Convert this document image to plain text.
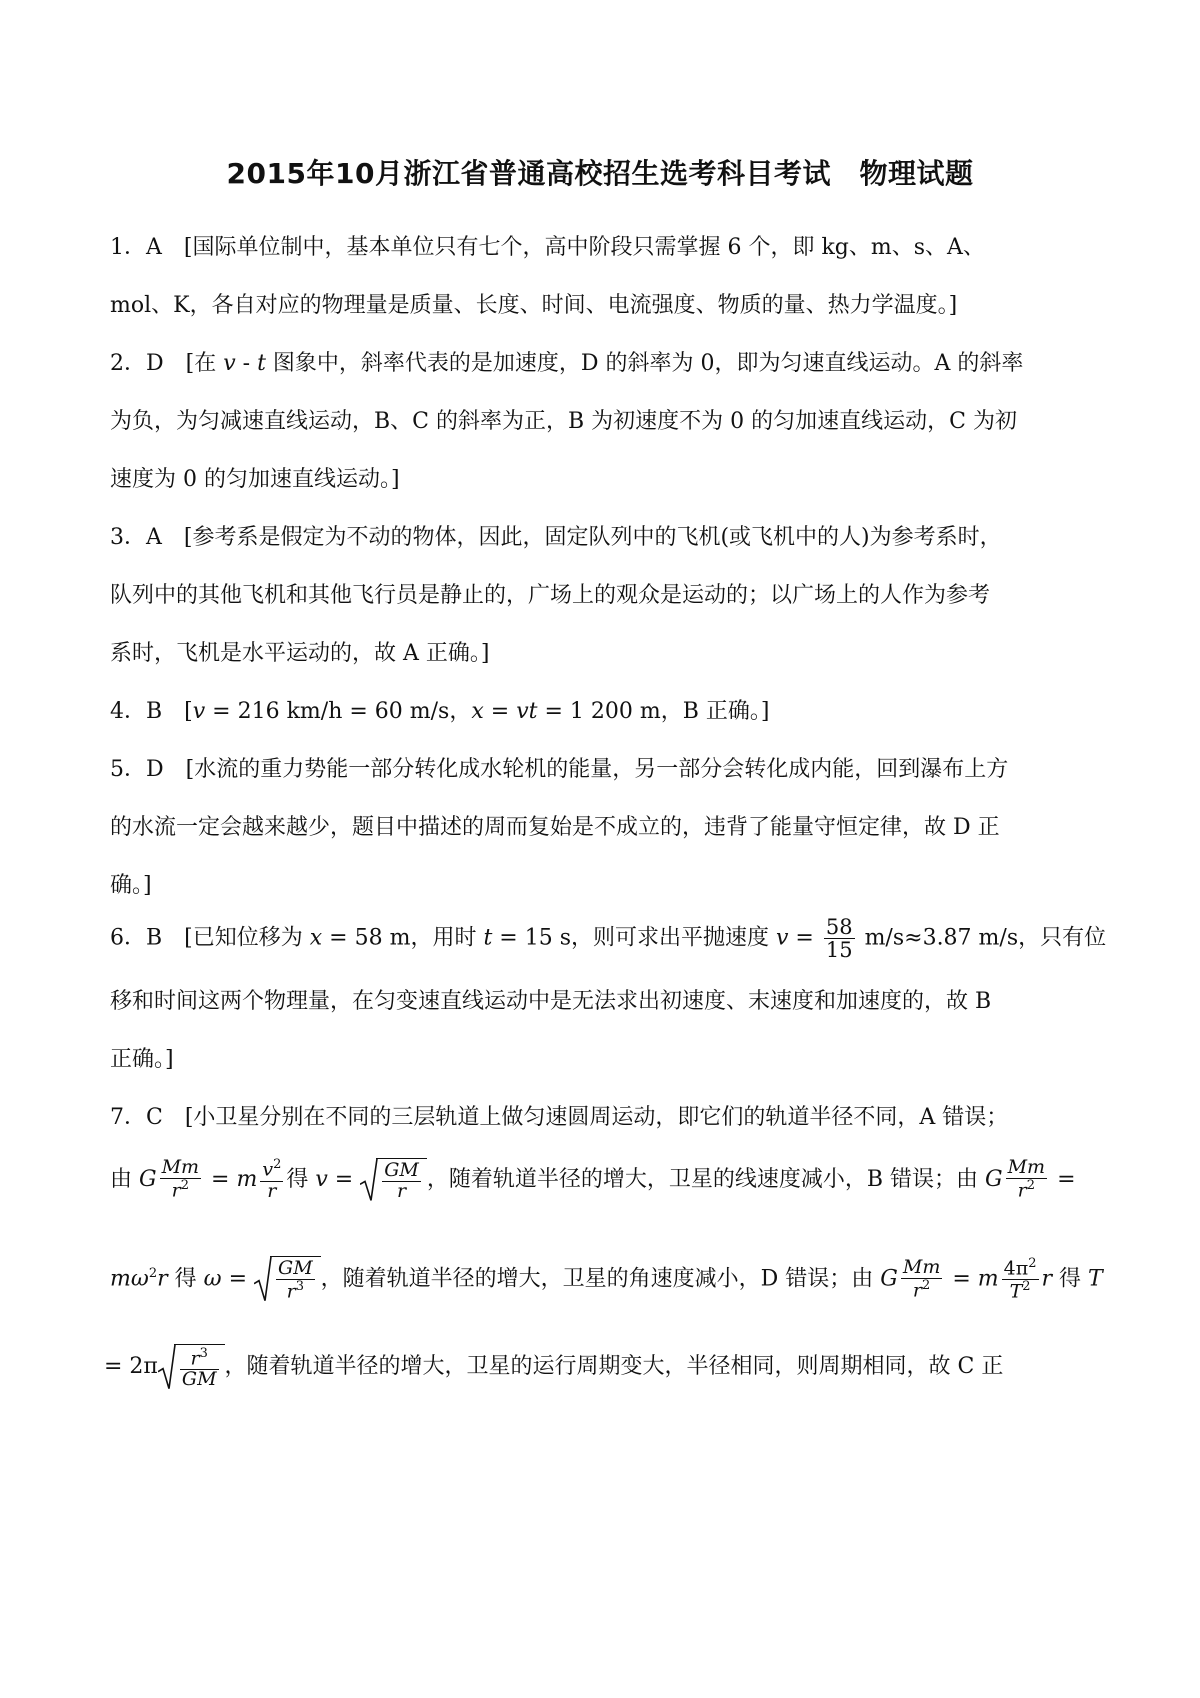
2015年10月浙江省普通高校招生选考科目考试　物理试题
1．A　[国际单位制中，基本单位只有七个，高中阶段只需掌握 6 个，即 kg、m、s、A、
mol、K，各自对应的物理量是质量、长度、时间、电流强度、物质的量、热力学温度。]
2．D　[在 v - t 图象中，斜率代表的是加速度，D 的斜率为 0，即为匀速直线运动。A 的斜率
为负，为匀减速直线运动，B、C 的斜率为正，B 为初速度不为 0 的匀加速直线运动，C 为初
速度为 0 的匀加速直线运动。]
3．A　[参考系是假定为不动的物体，因此，固定队列中的飞机(或飞机中的人)为参考系时，
队列中的其他飞机和其他飞行员是静止的，广场上的观众是运动的；以广场上的人作为参考
系时，飞机是水平运动的，故 A 正确。]
4．B　[v = 216 km/h = 60 m/s，x = vt = 1 200 m，B 正确。]
5．D　[水流的重力势能一部分转化成水轮机的能量，另一部分会转化成内能，回到瀑布上方
的水流一定会越来越少，题目中描述的周而复始是不成立的，违背了能量守恒定律，故 D 正
确。]
6．B　[已知位移为 x = 58 m，用时 t = 15 s，则可求出平抛速度 $v = \frac{58}{15} m/s\approx 3.87$ m/s，只有位
移和时间这两个物理量，在匀变速直线运动中是无法求出初速度、末速度和加速度的，故 B
正确。]
7．C　[小卫星分别在不同的三层轨道上做匀速圆周运动，即它们的轨道半径不同，A 错误；
由 G $\frac{Mm}{r^2} = m \frac{v^2}{r}$ 得 $v = \frac{GM}{r}$ ，随着轨道半径的增大，卫星的线速度减小，B 错误；由 G $\frac{Mm}{r^2}$ =
$m\omega^2r$ 得 $\omega = \frac{GM}{r^3}$ ，随着轨道半径的增大，卫星的角速度减小，D 错误；由 G $\frac{Mm}{r^2} = m \frac{4\pi^2}{T^2}$ r 得 T
= $2\pi \frac{r^3}{GM}$ ，随着轨道半径的增大，卫星的运行周期变大，半径相同，则周期相同，故 C 正
